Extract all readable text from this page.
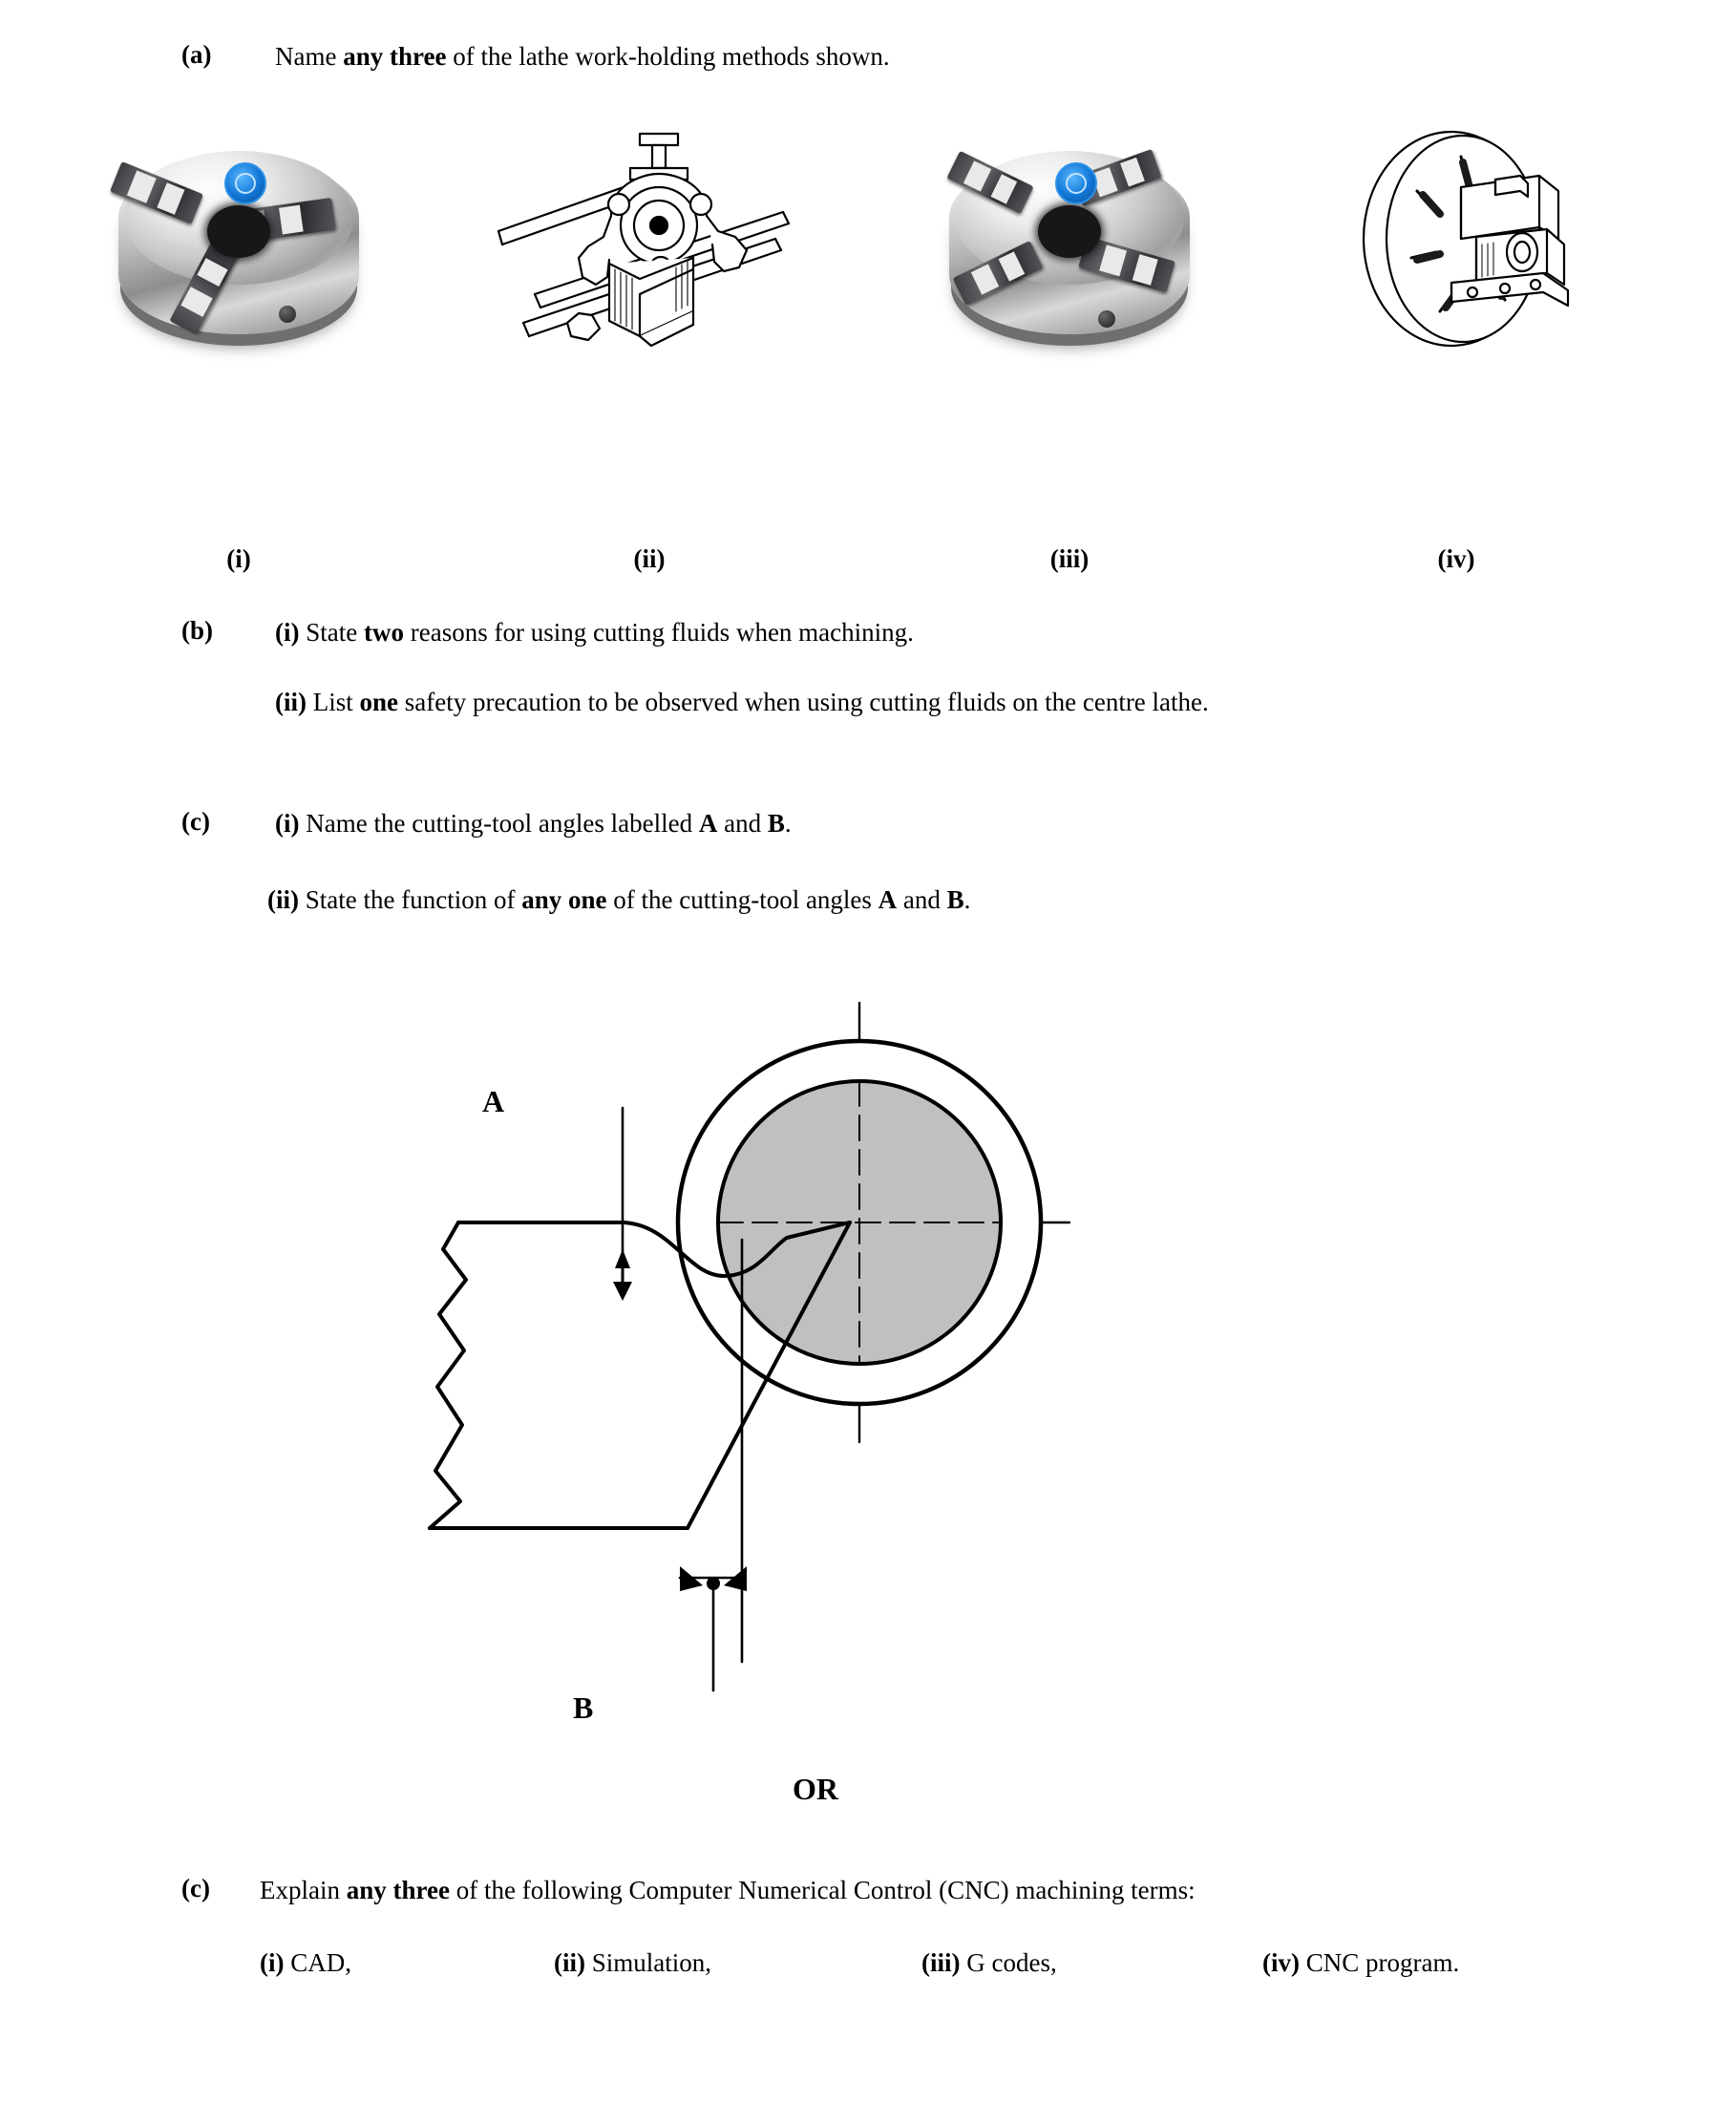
(a) Name any three of the lathe work-holding methods shown.
(i)	(ii)	(iii)	(iv)
(b) (i) State two reasons for using cutting fluids when machining.
(ii) List one safety precaution to be observed when using cutting fluids on the centre lathe.
(c)	(i) Name the cutting-tool angles labelled A and B.
(ii) State the function of any one of the cutting-tool angles A and B.
A
B
OR
(c) Explain any three of the following Computer Numerical Control (CNC) machining terms:
(i) CAD,	(ii) Simulation,	(iii) G codes,	(iv) CNC program.
